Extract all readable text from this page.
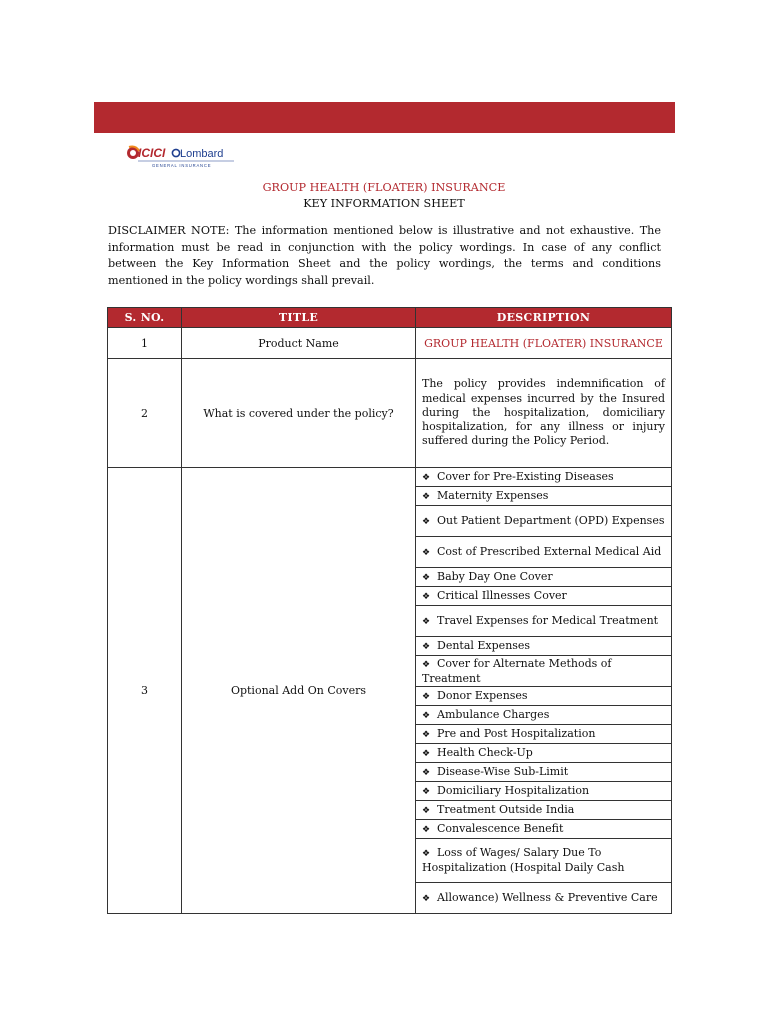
ICICI Lombard
GENERAL INSURANCE
GROUP HEALTH (FLOATER) INSURANCE
KEY INFORMATION SHEET
DISCLAIMER NOTE: The information mentioned below is illustrative and not exhaustive. The information must be read in conjunction with the policy wordings. In case of any conflict between the Key Information Sheet and the policy wordings, the terms and conditions mentioned in the policy wordings shall prevail.
S. NO.	TITLE	DESCRIPTION
1	Product Name	GROUP HEALTH (FLOATER) INSURANCE
2	What is covered under the policy?	The policy provides indemnification of medical expenses incurred by the Insured during the hospitalization, domiciliary hospitalization, for any illness or injury suffered during the Policy Period.
3	Optional Add On Covers	❖ Cover for Pre-Existing Diseases
		❖ Maternity Expenses
		❖ Out Patient Department (OPD) Expenses
		❖ Cost of Prescribed External Medical Aid
		❖ Baby Day One Cover
		❖ Critical Illnesses Cover
		❖ Travel Expenses for Medical Treatment
		❖ Dental Expenses
		❖ Cover for Alternate Methods of      Treatment
		❖ Donor Expenses
		❖ Ambulance Charges
		❖ Pre and Post Hospitalization
		❖ Health Check-Up
		❖ Disease-Wise Sub-Limit
		❖ Domiciliary Hospitalization
		❖ Treatment Outside India
		❖ Convalescence Benefit
		❖ Loss of Wages/ Salary Due To Hospitalization (Hospital Daily Cash
		❖ Allowance) Wellness & Preventive Care
